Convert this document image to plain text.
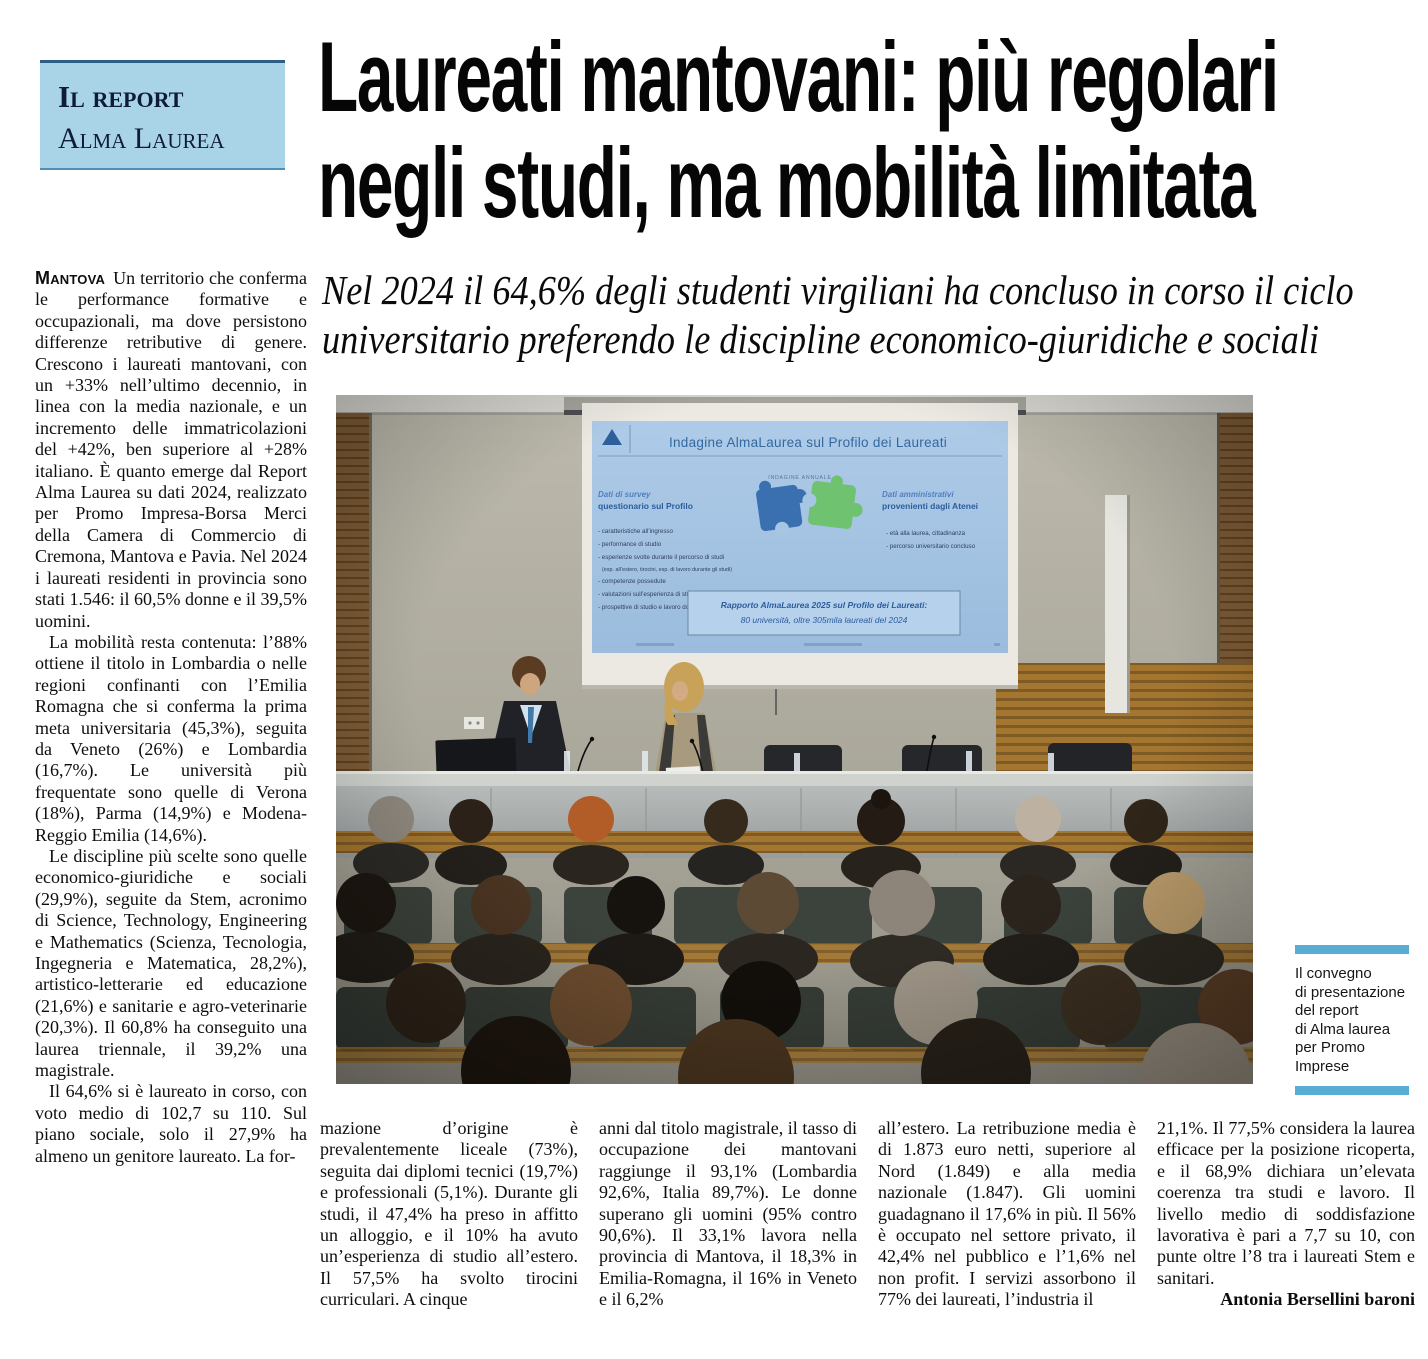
Il report
Alma Laurea
Laureati mantovani: più regolari
negli studi, ma mobilità limitata
Nel 2024 il 64,6% degli studenti virgiliani ha concluso in corso il ciclo
universitario preferendo le discipline economico-giuridiche e sociali

Mantova Un territorio che conferma le performance formative e occupazionali, ma dove persistono differenze retributive di genere. Crescono i laureati mantovani, con un +33% nell’ultimo decennio, in linea con la media nazionale, e un incremento delle immatricolazioni del +42%, ben superiore al +28% italiano. È quanto emerge dal Report Alma Laurea su dati 2024, realizzato per Promo Impresa-Borsa Merci della Camera di Commercio di Cremona, Mantova e Pavia. Nel 2024 i laureati residenti in provincia sono stati 1.546: il 60,5% donne e il 39,5% uomini.

La mobilità resta contenuta: l’88% ottiene il titolo in Lombardia o nelle regioni confinanti con l’Emilia Romagna che si conferma la prima meta universitaria (45,3%), seguita da Veneto (26%) e Lombardia (16,7%). Le università più frequentate sono quelle di Verona (18%), Parma (14,9%) e Modena-Reggio Emilia (14,6%).

Le discipline più scelte sono quelle economico-giuridiche e sociali (29,9%), seguite da Stem, acronimo di Science, Technology, Engineering e Mathematics (Scienza, Tecnologia, Ingegneria e Matematica, 28,2%), artistico-letterarie ed educazione (21,6%) e sanitarie e agro-veterinarie (20,3%). Il 60,8% ha conseguito una laurea triennale, il 39,2% una magistrale.

Il 64,6% si è laureato in corso, con voto medio di 102,7 su 110. Sul piano sociale, solo il 27,9% ha almeno un genitore laureato. La for-

Il convegno
di presentazione
del report
di Alma laurea
per Promo
Imprese
mazione d’origine è prevalentemente liceale (73%), seguita dai diplomi tecnici (19,7%) e professionali (5,1%). Durante gli studi, il 47,4% ha preso in affitto un alloggio, e il 10% ha avuto un’esperienza di studio all’estero. Il 57,5% ha svolto tirocini curriculari. A cinque
anni dal titolo magistrale, il tasso di occupazione dei mantovani raggiunge il 93,1% (Lombardia 92,6%, Italia 89,7%). Le donne superano gli uomini (95% contro 90,6%). Il 33,1% lavora nella provincia di Mantova, il 18,3% in Emilia-Romagna, il 16% in Veneto e il 6,2%
all’estero. La retribuzione media è di 1.873 euro netti, superiore al Nord (1.849) e alla media nazionale (1.847). Gli uomini guadagnano il 17,6% in più. Il 56% è occupato nel settore privato, il 42,4% nel pubblico e l’1,6% nel non profit. I servizi assorbono il 77% dei laureati, l’industria il
21,1%. Il 77,5% considera la laurea efficace per la posizione ricoperta, e il 68,9% dichiara un’elevata coerenza tra studi e lavoro. Il livello medio di soddisfazione lavorativa è pari a 7,7 su 10, con punte oltre l’8 tra i laureati Stem e sanitari.
Antonia Bersellini baroni
